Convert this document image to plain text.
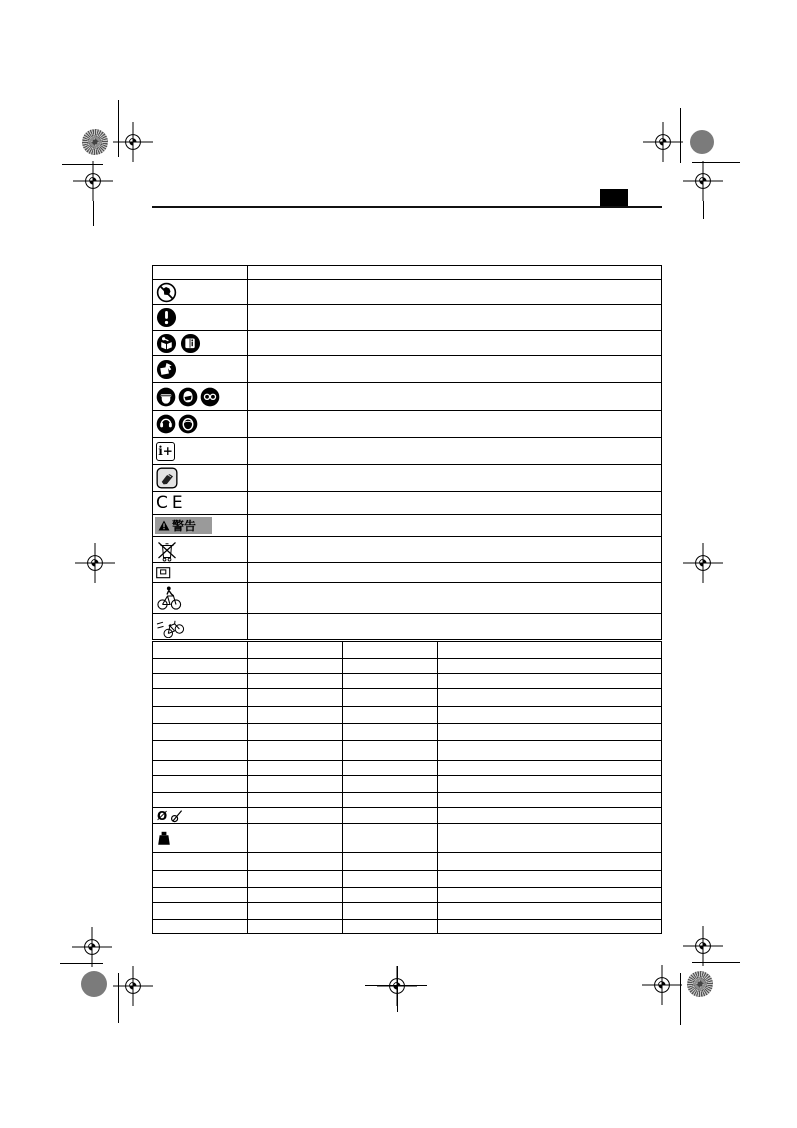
i+
CE
警告
Ø
